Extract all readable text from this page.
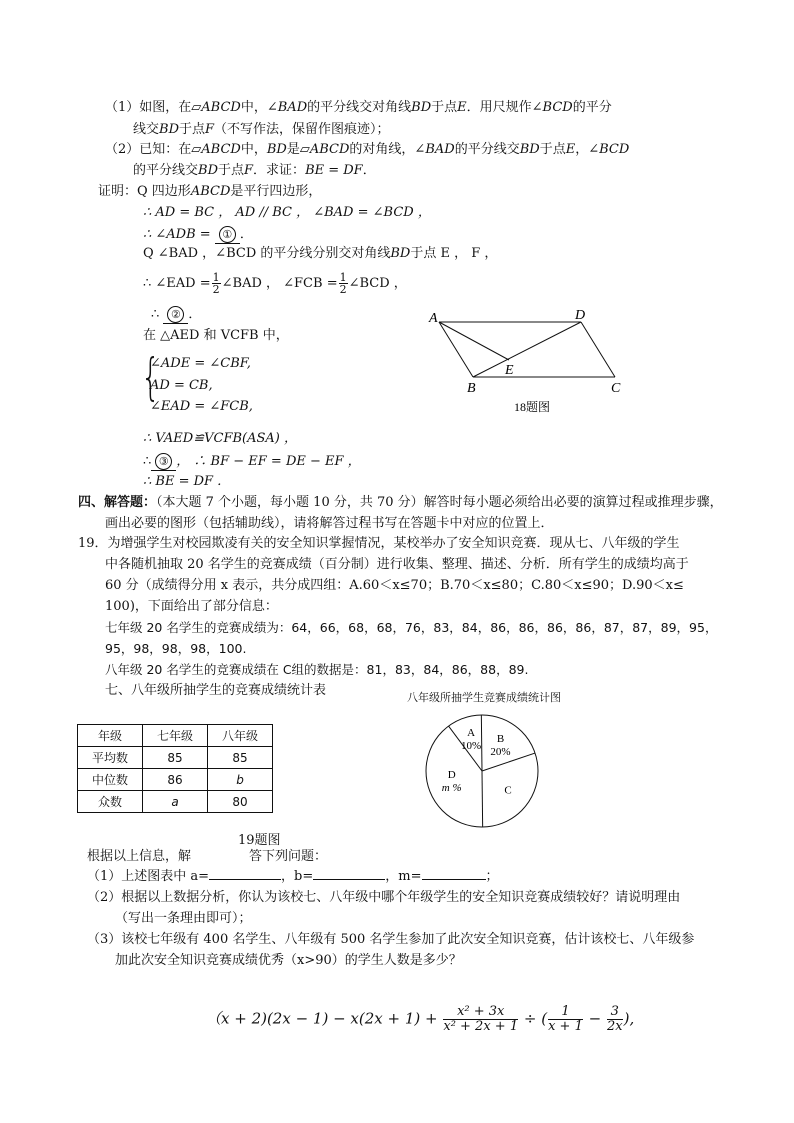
（1）如图，在▱ABCD中，∠BAD的平分线交对角线BD于点E．用尺规作∠BCD的平分
线交BD于点F（不写作法，保留作图痕迹）；
（2）已知：在▱ABCD中，BD是▱ABCD的对角线，∠BAD的平分线交BD于点E，∠BCD
的平分线交BD于点F．求证：BE = DF．
证明：Q 四边形ABCD是平行四边形，
∴ AD = BC ， AD // BC ， ∠BAD = ∠BCD ，
∴ ∠ADB = ① ．
Q ∠BAD ，∠BCD 的平分线分别交对角线BD于点 E ， F ，
∴ ∠EAD = $\frac{1}{2}$ ∠BAD ， ∠FCB = $\frac{1}{2}$ ∠BCD ，
∴ ② ．
在 △AED 和 VCFB 中，
{
∠ADE = ∠CBF,
AD = CB,
∠EAD = ∠FCB,
∴ VAED≌VCFB(ASA) ，
∴ ③ ， ∴ BF − EF = DE − EF ，
∴ BE = DF ．
A	D
E
B	C
18题图
四、解答题：（本大题 7 个小题，每小题 10 分，共 70 分）解答时每小题必须给出必要的演算过程或推理步骤，
画出必要的图形（包括辅助线），请将解答过程书写在答题卡中对应的位置上．
19．为增强学生对校园欺凌有关的安全知识掌握情况，某校举办了安全知识竞赛．现从七、八年级的学生
中各随机抽取 20 名学生的竞赛成绩（百分制）进行收集、整理、描述、分析．所有学生的成绩均高于
60 分（成绩得分用 x 表示，共分成四组：A.60＜x≤70；B.70＜x≤80；C.80＜x≤90；D.90＜x≤
100)，下面给出了部分信息：
七年级 20 名学生的竞赛成绩为：64，66，68，68，76，83，84，86，86，86，86，87，87，89，95，
95，98，98，98，100.
八年级 20 名学生的竞赛成绩在 C组的数据是：81，83，84，86，88，89.
七、八年级所抽学生的竞赛成绩统计表	八年级所抽学生竞赛成绩统计图
年级	七年级	八年级
平均数	85	85
中位数	86	b
众数	a	80
A
10%
B
20%
C
D
m %
19题图
根据以上信息，解	答下列问题：
（1）上述图表中 a=	，b=	，m=	；
（2）根据以上数据分析，你认为该校七、八年级中哪个年级学生的安全知识竞赛成绩较好？请说明理由
（写出一条理由即可）；
（3）该校七年级有 400 名学生、八年级有 500 名学生参加了此次安全知识竞赛，估计该校七、八年级参
加此次安全知识竞赛成绩优秀（x>90）的学生人数是多少？
$(x + 2)(2x - 1) - x(2x + 1) + \frac{\text{x² + 3x}}{\text{x² + 2x + 1}}$ ÷ ( $\frac{1}{x + 1} - \frac{3}{2x}$ ),
